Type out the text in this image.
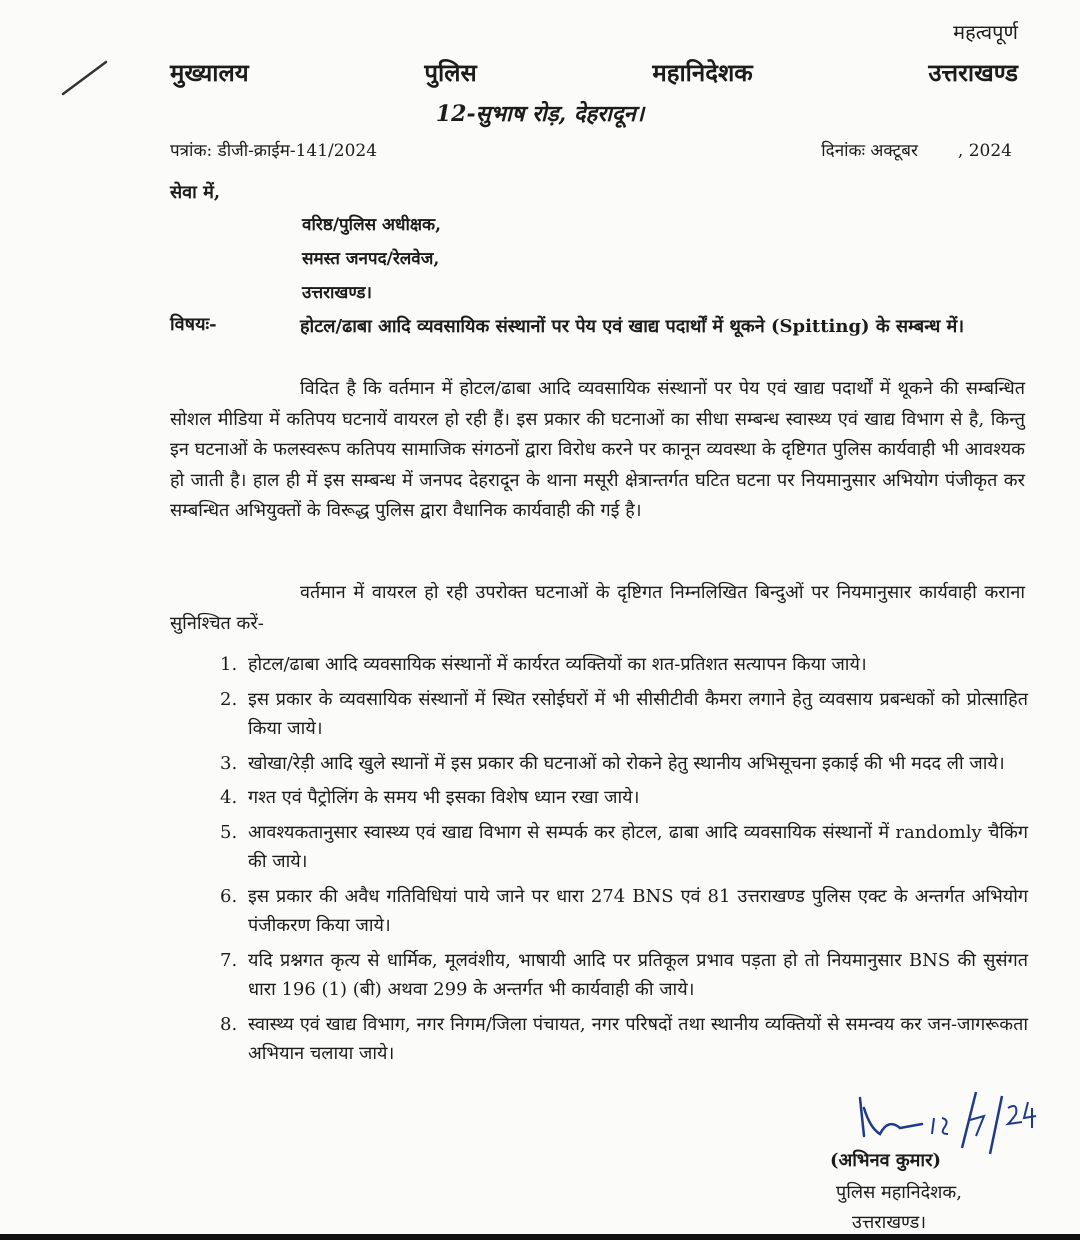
महत्वपूर्ण
मुख्यालय	पुलिस	महानिदेशक	उत्तराखण्ड
12-सुभाष रोड़, देहरादून।
पत्रांक: डीजी-क्राईम-141/2024	दिनांकः अक्टूबर , 2024
सेवा में,
वरिष्ठ/पुलिस अधीक्षक,
समस्त जनपद/रेलवेज,
उत्तराखण्ड।
विषयः-	होटल/ढाबा आदि व्यवसायिक संस्थानों पर पेय एवं खाद्य पदार्थों में थूकने (Spitting) के सम्बन्ध में।
विदित है कि वर्तमान में होटल/ढाबा आदि व्यवसायिक संस्थानों पर पेय एवं खाद्य पदार्थों में थूकने की सम्बन्धित सोशल मीडिया में कतिपय घटनायें वायरल हो रही हैं। इस प्रकार की घटनाओं का सीधा सम्बन्ध स्वास्थ्य एवं खाद्य विभाग से है, किन्तु इन घटनाओं के फलस्वरूप कतिपय सामाजिक संगठनों द्वारा विरोध करने पर कानून व्यवस्था के दृष्टिगत पुलिस कार्यवाही भी आवश्यक हो जाती है। हाल ही में इस सम्बन्ध में जनपद देहरादून के थाना मसूरी क्षेत्रान्तर्गत घटित घटना पर नियमानुसार अभियोग पंजीकृत कर सम्बन्धित अभियुक्तों के विरूद्ध पुलिस द्वारा वैधानिक कार्यवाही की गई है।
वर्तमान में वायरल हो रही उपरोक्त घटनाओं के दृष्टिगत निम्नलिखित बिन्दुओं पर नियमानुसार कार्यवाही कराना सुनिश्चित करें-
1. होटल/ढाबा आदि व्यवसायिक संस्थानों में कार्यरत व्यक्तियों का शत-प्रतिशत सत्यापन किया जाये।
2. इस प्रकार के व्यवसायिक संस्थानों में स्थित रसोईघरों में भी सीसीटीवी कैमरा लगाने हेतु व्यवसाय प्रबन्धकों को प्रोत्साहित किया जाये।
3. खोखा/रेड़ी आदि खुले स्थानों में इस प्रकार की घटनाओं को रोकने हेतु स्थानीय अभिसूचना इकाई की भी मदद ली जाये।
4. गश्त एवं पैट्रोलिंग के समय भी इसका विशेष ध्यान रखा जाये।
5. आवश्यकतानुसार स्वास्थ्य एवं खाद्य विभाग से सम्पर्क कर होटल, ढाबा आदि व्यवसायिक संस्थानों में randomly चैकिंग की जाये।
6. इस प्रकार की अवैध गतिविधियां पाये जाने पर धारा 274 BNS एवं 81 उत्तराखण्ड पुलिस एक्ट के अन्तर्गत अभियोग पंजीकरण किया जाये।
7. यदि प्रश्नगत कृत्य से धार्मिक, मूलवंशीय, भाषायी आदि पर प्रतिकूल प्रभाव पड़ता हो तो नियमानुसार BNS की सुसंगत धारा 196 (1) (बी) अथवा 299 के अन्तर्गत भी कार्यवाही की जाये।
8. स्वास्थ्य एवं खाद्य विभाग, नगर निगम/जिला पंचायत, नगर परिषदों तथा स्थानीय व्यक्तियों से समन्वय कर जन-जागरूकता अभियान चलाया जाये।
(अभिनव कुमार)
पुलिस महानिदेशक,
उत्तराखण्ड।
